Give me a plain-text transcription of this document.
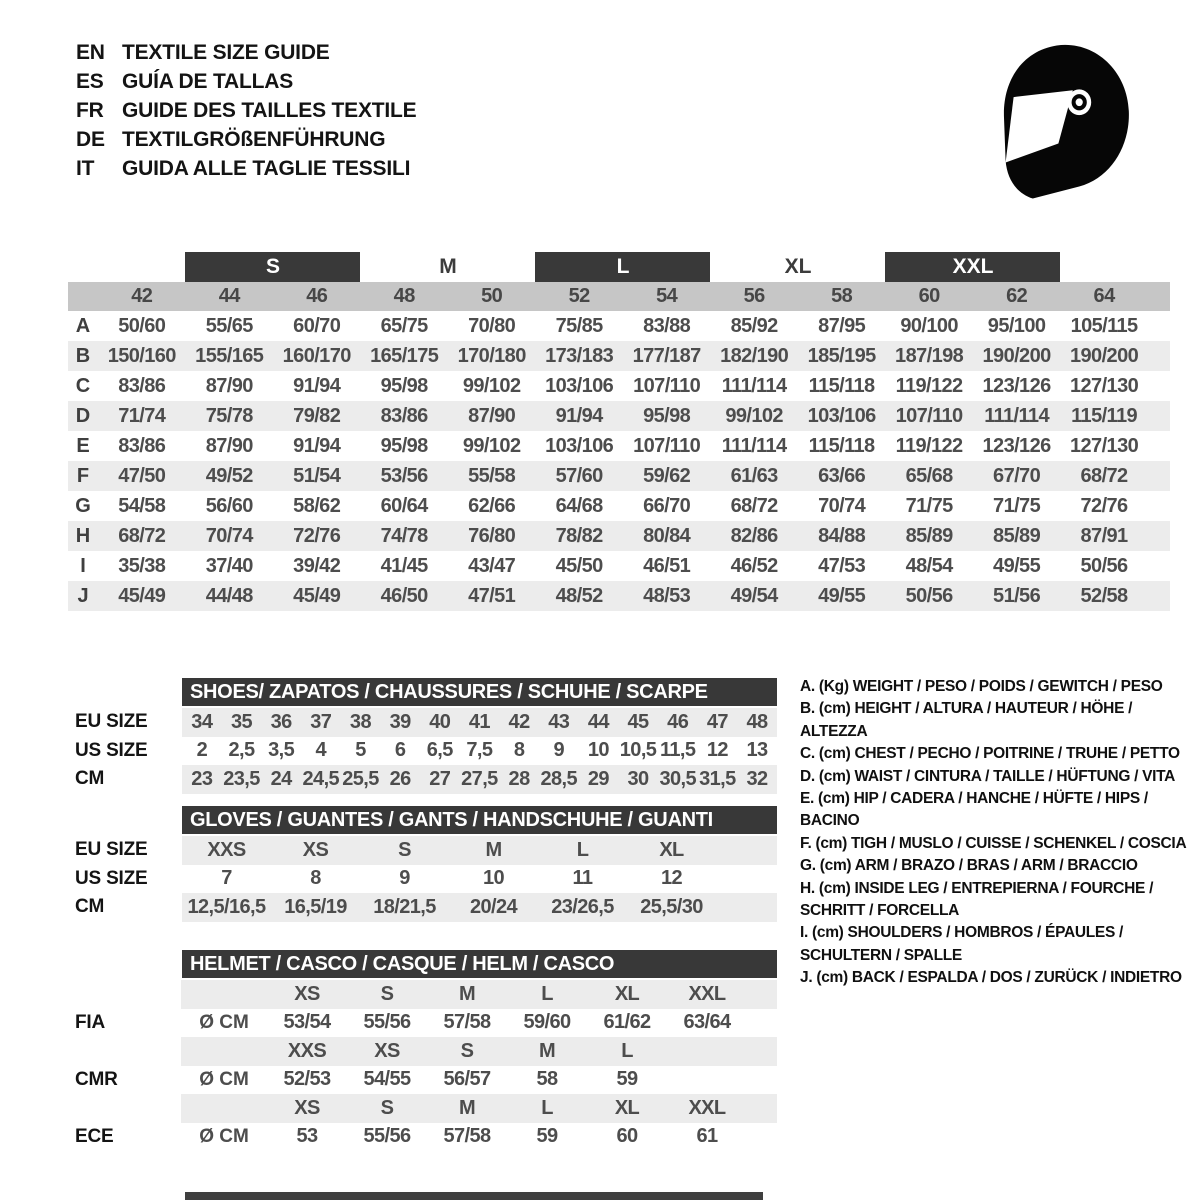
EN TEXTILE SIZE GUIDE
ES GUÍA DE TALLAS
FR GUIDE DES TAILLES TEXTILE
DE TEXTILGRÖßENFÜHRUNG
IT	GUIDA ALLE TAGLIE TESSILI
S	M	L	XL	XXL
42	44	46	48	50	52	54	56	58	60	62	64
A	50/60	55/65	60/70	65/75	70/80	75/85	83/88	85/92	87/95	90/100	95/100	105/115
B 150/160 155/165 160/170 165/175 170/180 173/183 177/187 182/190 185/195 187/198 190/200 190/200
C	83/86	87/90	91/94	95/98	99/102	103/106 107/110	111/114	115/118	119/122 123/126 127/130
D	71/74	75/78	79/82	83/86	87/90	91/94	95/98	99/102	103/106 107/110	111/114	115/119
E	83/86	87/90	91/94	95/98	99/102	103/106 107/110	111/114	115/118	119/122 123/126 127/130
F	47/50	49/52	51/54	53/56	55/58	57/60	59/62	61/63	63/66	65/68	67/70	68/72
G	54/58	56/60	58/62	60/64	62/66	64/68	66/70	68/72	70/74	71/75	71/75	72/76
H	68/72	70/74	72/76	74/78	76/80	78/82	80/84	82/86	84/88	85/89	85/89	87/91
I	35/38	37/40	39/42	41/45	43/47	45/50	46/51	46/52	47/53	48/54	49/55	50/56
J	45/49	44/48	45/49	46/50	47/51	48/52	48/53	49/54	49/55	50/56	51/56	52/58
SHOES/ ZAPATOS / CHAUSSURES / SCHUHE / SCARPE
EU SIZE	34 35 36 37 38 39 40 41 42 43 44 45 46 47 48
US SIZE	2	2,5 3,5	4	5	6	6,5 7,5	8	9	10 10,5 11,5 12 13
CM	23 23,5 24 24,5 25,5 26 27 27,5 28 28,5 29 30 30,5 31,5 32
GLOVES / GUANTES / GANTS / HANDSCHUHE / GUANTI
EU SIZE	XXS	XS	S	M	L	XL
US SIZE	7	8	9	10	11	12
CM	12,5/16,5 16,5/19	18/21,5	20/24	23/26,5	25,5/30
HELMET / CASCO / CASQUE / HELM / CASCO
XS	S	M	L	XL	XXL
FIA	Ø CM	53/54	55/56	57/58	59/60	61/62	63/64
XXS	XS	S	M	L
CMR	Ø CM	52/53	54/55	56/57	58	59
XS	S	M	L	XL	XXL
ECE	Ø CM	53	55/56	57/58	59	60	61
A. (Kg) WEIGHT / PESO / POIDS / GEWITCH / PESO
B. (cm) HEIGHT / ALTURA / HAUTEUR / HÖHE / ALTEZZA
C. (cm) CHEST / PECHO / POITRINE / TRUHE / PETTO
D. (cm) WAIST / CINTURA / TAILLE / HÜFTUNG / VITA
E. (cm) HIP / CADERA / HANCHE / HÜFTE / HIPS / BACINO
F. (cm) TIGH / MUSLO / CUISSE / SCHENKEL / COSCIA
G. (cm) ARM / BRAZO / BRAS / ARM / BRACCIO
H. (cm) INSIDE LEG / ENTREPIERNA / FOURCHE / SCHRITT / FORCELLA
I. (cm) SHOULDERS / HOMBROS / ÉPAULES / SCHULTERN / SPALLE
J. (cm) BACK / ESPALDA / DOS / ZURÜCK / INDIETRO
